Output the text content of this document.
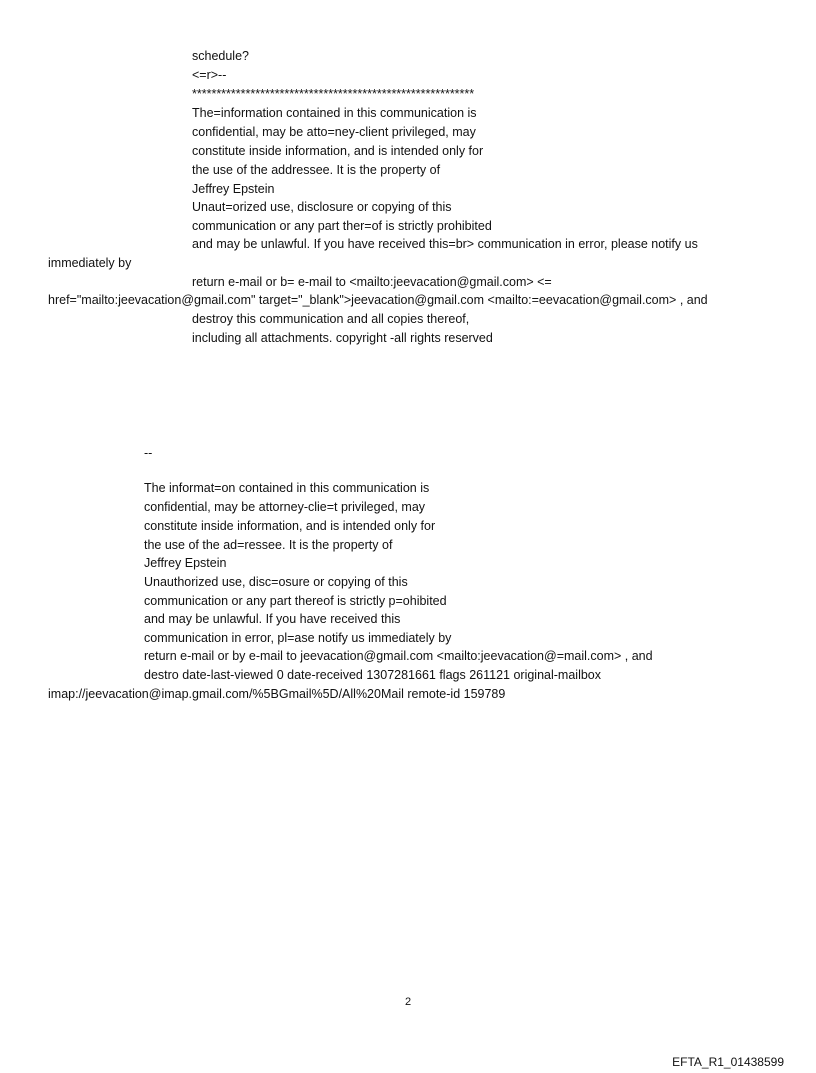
schedule?
<=r>--
**********************************************************
The=information contained in this communication is
confidential, may be atto=ney-client privileged, may
constitute inside information, and is intended only for
the use of the addressee. It is the property of
Jeffrey Epstein
Unaut=orized use, disclosure or copying of this
communication or any part ther=of is strictly prohibited
and may be unlawful. If you have received this=br> communication in error, please notify us
immediately by
return e-mail or b= e-mail to <mailto:jeevacation@gmail.com> <=
href="mailto:jeevacation@gmail.com" target="_blank">jeevacation@gmail.com <mailto:=eevacation@gmail.com> , and
destroy this communication and all copies thereof,
including all attachments. copyright -all rights reserved
--
The informat=on contained in this communication is
confidential, may be attorney-clie=t privileged, may
constitute inside information, and is intended only for
the use of the ad=ressee. It is the property of
Jeffrey Epstein
Unauthorized use, disc=osure or copying of this
communication or any part thereof is strictly p=ohibited
and may be unlawful. If you have received this
communication in error, pl=ase notify us immediately by
return e-mail or by e-mail to jeevacation@gmail.com <mailto:jeevacation@=mail.com> , and
destro date-last-viewed 0 date-received 1307281661 flags 261121 original-mailbox
imap://jeevacation@imap.gmail.com/%5BGmail%5D/All%20Mail remote-id 159789
2
EFTA_R1_01438599
